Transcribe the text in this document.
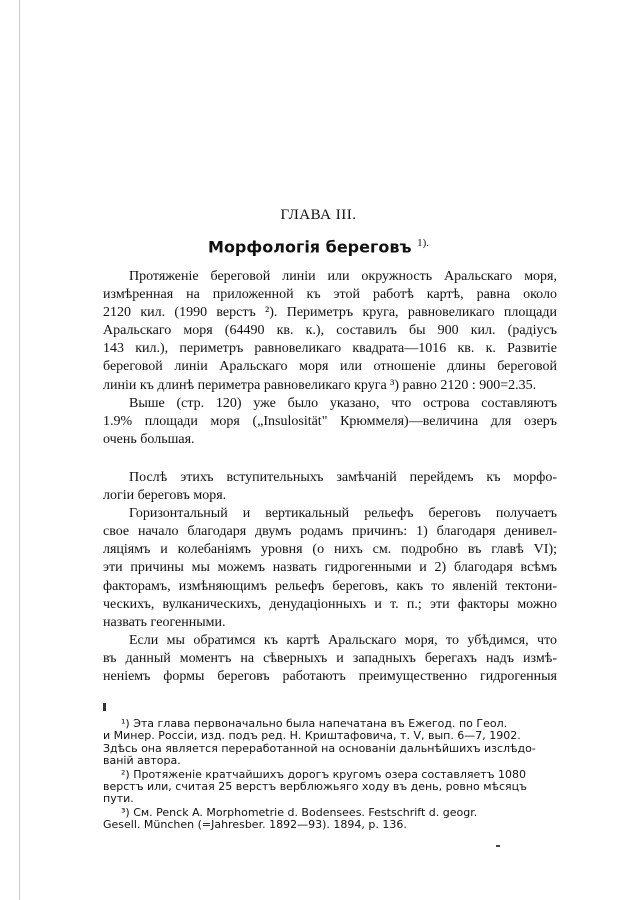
ГЛАВА III.
Морфологія береговъ $^{1).}$
Протяженіе береговой линіи или окружность Аральскаго моря,
измѣренная на приложенной къ этой работѣ картѣ, равна около
2120 кил. (1990 верстъ ²). Периметръ круга, равновеликаго площади
Аральскаго моря (64490 кв. к.), составилъ бы 900 кил. (радіусъ
143 кил.), периметръ равновеликаго квадрата—1016 кв. к. Развитіе
береговой линіи Аральскаго моря или отношеніе длины береговой
линіи къ длинѣ периметра равновеликаго круга ³) равно 2120 : 900=2.35.
Выше (стр. 120) уже было указано, что острова составляютъ
1.9% площади моря („Insulosität" Крюммеля)—величина для озеръ
очень большая.
Послѣ этихъ вступительныхъ замѣчаній перейдемъ къ морфо-
логіи береговъ моря.
Горизонтальный и вертикальный рельефъ береговъ получаетъ
свое начало благодаря двумъ родамъ причинъ: 1) благодаря денивел-
ляціямъ и колебаніямъ уровня (о нихъ см. подробно въ главѣ VI);
эти причины мы можемъ назвать гидрогенными и 2) благодаря всѣмъ
факторамъ, измѣняющимъ рельефъ береговъ, какъ то явленій тектони-
ческихъ, вулканическихъ, денудаціонныхъ и т. п.; эти факторы можно
назвать гeогенными.
Если мы обратимся къ картѣ Аральскаго моря, то убѣдимся, что
въ данный моментъ на сѣверныхъ и западныхъ берегахъ надъ измѣ-
неніемъ формы береговъ работаютъ преимущественно гидрогенныя
¹) Эта глава первоначально была напечатана въ Ежегод. по Геол.
и Минер. Россіи, изд. подъ ред. Н. Криштафовича, т. V, вып. 6—7, 1902.
Здѣсь она является переработанной на основаніи дальнѣйшихъ изслѣдо-
ваній автора.
²) Протяженіе кратчайшихъ дорогъ кругомъ озера составляетъ 1080
верстъ или, считая 25 верстъ верблюжьяго ходу въ день, ровно мѣсяцъ
пути.
³) См. Penck A. Morphometrie d. Bodensees. Festschrift d. geogr.
Gesell. München (=Jahresber. 1892—93). 1894, p. 136.
